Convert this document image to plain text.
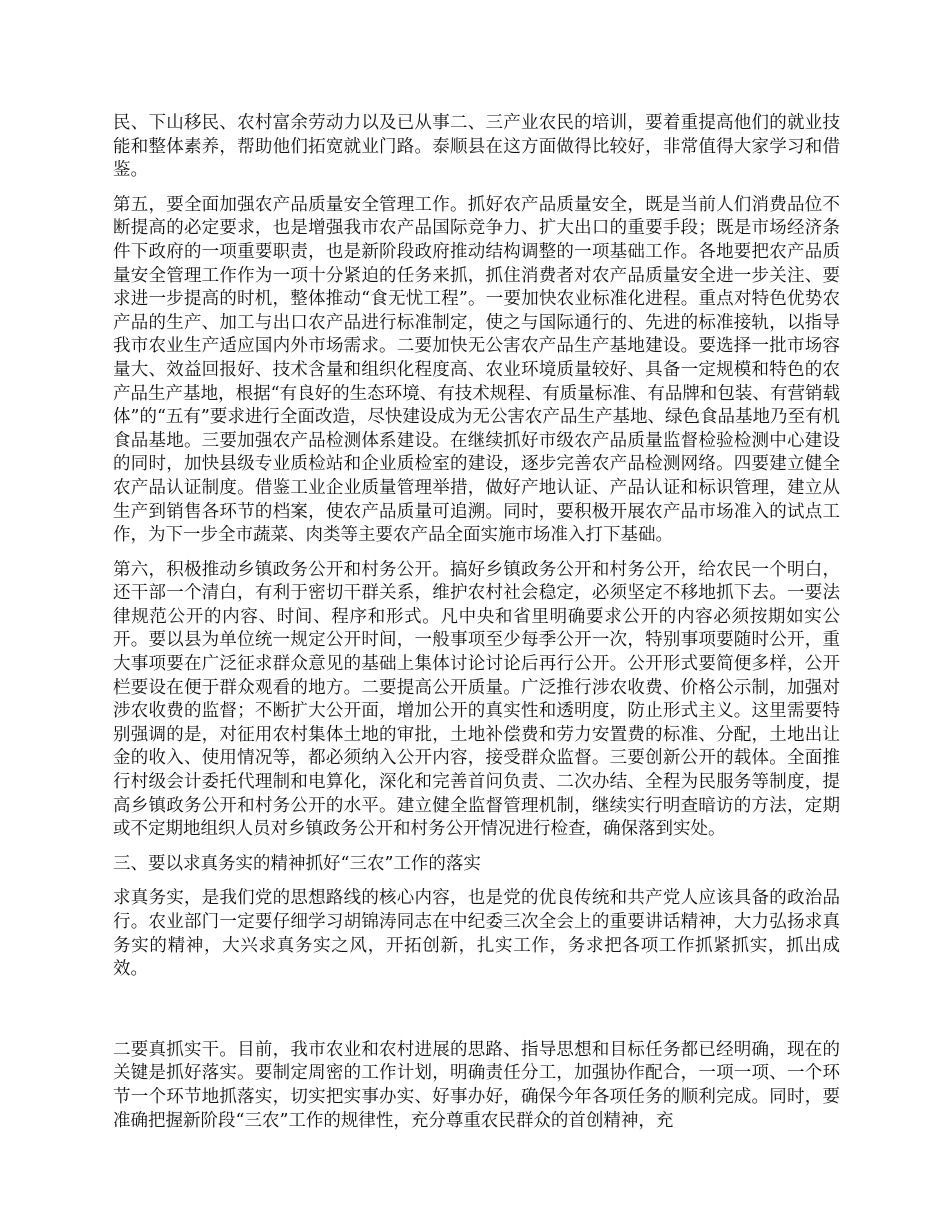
民、下山移民、农村富余劳动力以及已从事二、三产业农民的培训，要着重提高他们的就业技能和整体素养，帮助他们拓宽就业门路。泰顺县在这方面做得比较好，非常值得大家学习和借鉴。

第五，要全面加强农产品质量安全管理工作。抓好农产品质量安全，既是当前人们消费品位不断提高的必定要求，也是增强我市农产品国际竞争力、扩大出口的重要手段；既是市场经济条件下政府的一项重要职责，也是新阶段政府推动结构调整的一项基础工作。各地要把农产品质量安全管理工作作为一项十分紧迫的任务来抓，抓住消费者对农产品质量安全进一步关注、要求进一步提高的时机，整体推动“食无忧工程”。一要加快农业标准化进程。重点对特色优势农产品的生产、加工与出口农产品进行标准制定，使之与国际通行的、先进的标准接轨，以指导我市农业生产适应国内外市场需求。二要加快无公害农产品生产基地建设。要选择一批市场容量大、效益回报好、技术含量和组织化程度高、农业环境质量较好、具备一定规模和特色的农产品生产基地，根据“有良好的生态环境、有技术规程、有质量标准、有品牌和包装、有营销载体”的“五有”要求进行全面改造，尽快建设成为无公害农产品生产基地、绿色食品基地乃至有机食品基地。三要加强农产品检测体系建设。在继续抓好市级农产品质量监督检验检测中心建设的同时，加快县级专业质检站和企业质检室的建设，逐步完善农产品检测网络。四要建立健全农产品认证制度。借鉴工业企业质量管理举措，做好产地认证、产品认证和标识管理，建立从生产到销售各环节的档案，使农产品质量可追溯。同时，要积极开展农产品市场准入的试点工作，为下一步全市蔬菜、肉类等主要农产品全面实施市场准入打下基础。

第六，积极推动乡镇政务公开和村务公开。搞好乡镇政务公开和村务公开，给农民一个明白，还干部一个清白，有利于密切干群关系，维护农村社会稳定，必须坚定不移地抓下去。一要法律规范公开的内容、时间、程序和形式。凡中央和省里明确要求公开的内容必须按期如实公开。要以县为单位统一规定公开时间，一般事项至少每季公开一次，特别事项要随时公开，重大事项要在广泛征求群众意见的基础上集体讨论讨论后再行公开。公开形式要简便多样，公开栏要设在便于群众观看的地方。二要提高公开质量。广泛推行涉农收费、价格公示制，加强对涉农收费的监督；不断扩大公开面，增加公开的真实性和透明度，防止形式主义。这里需要特别强调的是，对征用农村集体土地的审批，土地补偿费和劳力安置费的标准、分配，土地出让金的收入、使用情况等，都必须纳入公开内容，接受群众监督。三要创新公开的载体。全面推行村级会计委托代理制和电算化，深化和完善首问负责、二次办结、全程为民服务等制度，提高乡镇政务公开和村务公开的水平。建立健全监督管理机制，继续实行明查暗访的方法，定期或不定期地组织人员对乡镇政务公开和村务公开情况进行检查，确保落到实处。

三、要以求真务实的精神抓好“三农”工作的落实

求真务实，是我们党的思想路线的核心内容，也是党的优良传统和共产党人应该具备的政治品行。农业部门一定要仔细学习胡锦涛同志在中纪委三次全会上的重要讲话精神，大力弘扬求真务实的精神，大兴求真务实之风，开拓创新，扎实工作，务求把各项工作抓紧抓实，抓出成效。

二要真抓实干。目前，我市农业和农村进展的思路、指导思想和目标任务都已经明确，现在的关键是抓好落实。要制定周密的工作计划，明确责任分工，加强协作配合，一项一项、一个环节一个环节地抓落实，切实把实事办实、好事办好，确保今年各项任务的顺利完成。同时，要准确把握新阶段“三农”工作的规律性，充分尊重农民群众的首创精神，充
